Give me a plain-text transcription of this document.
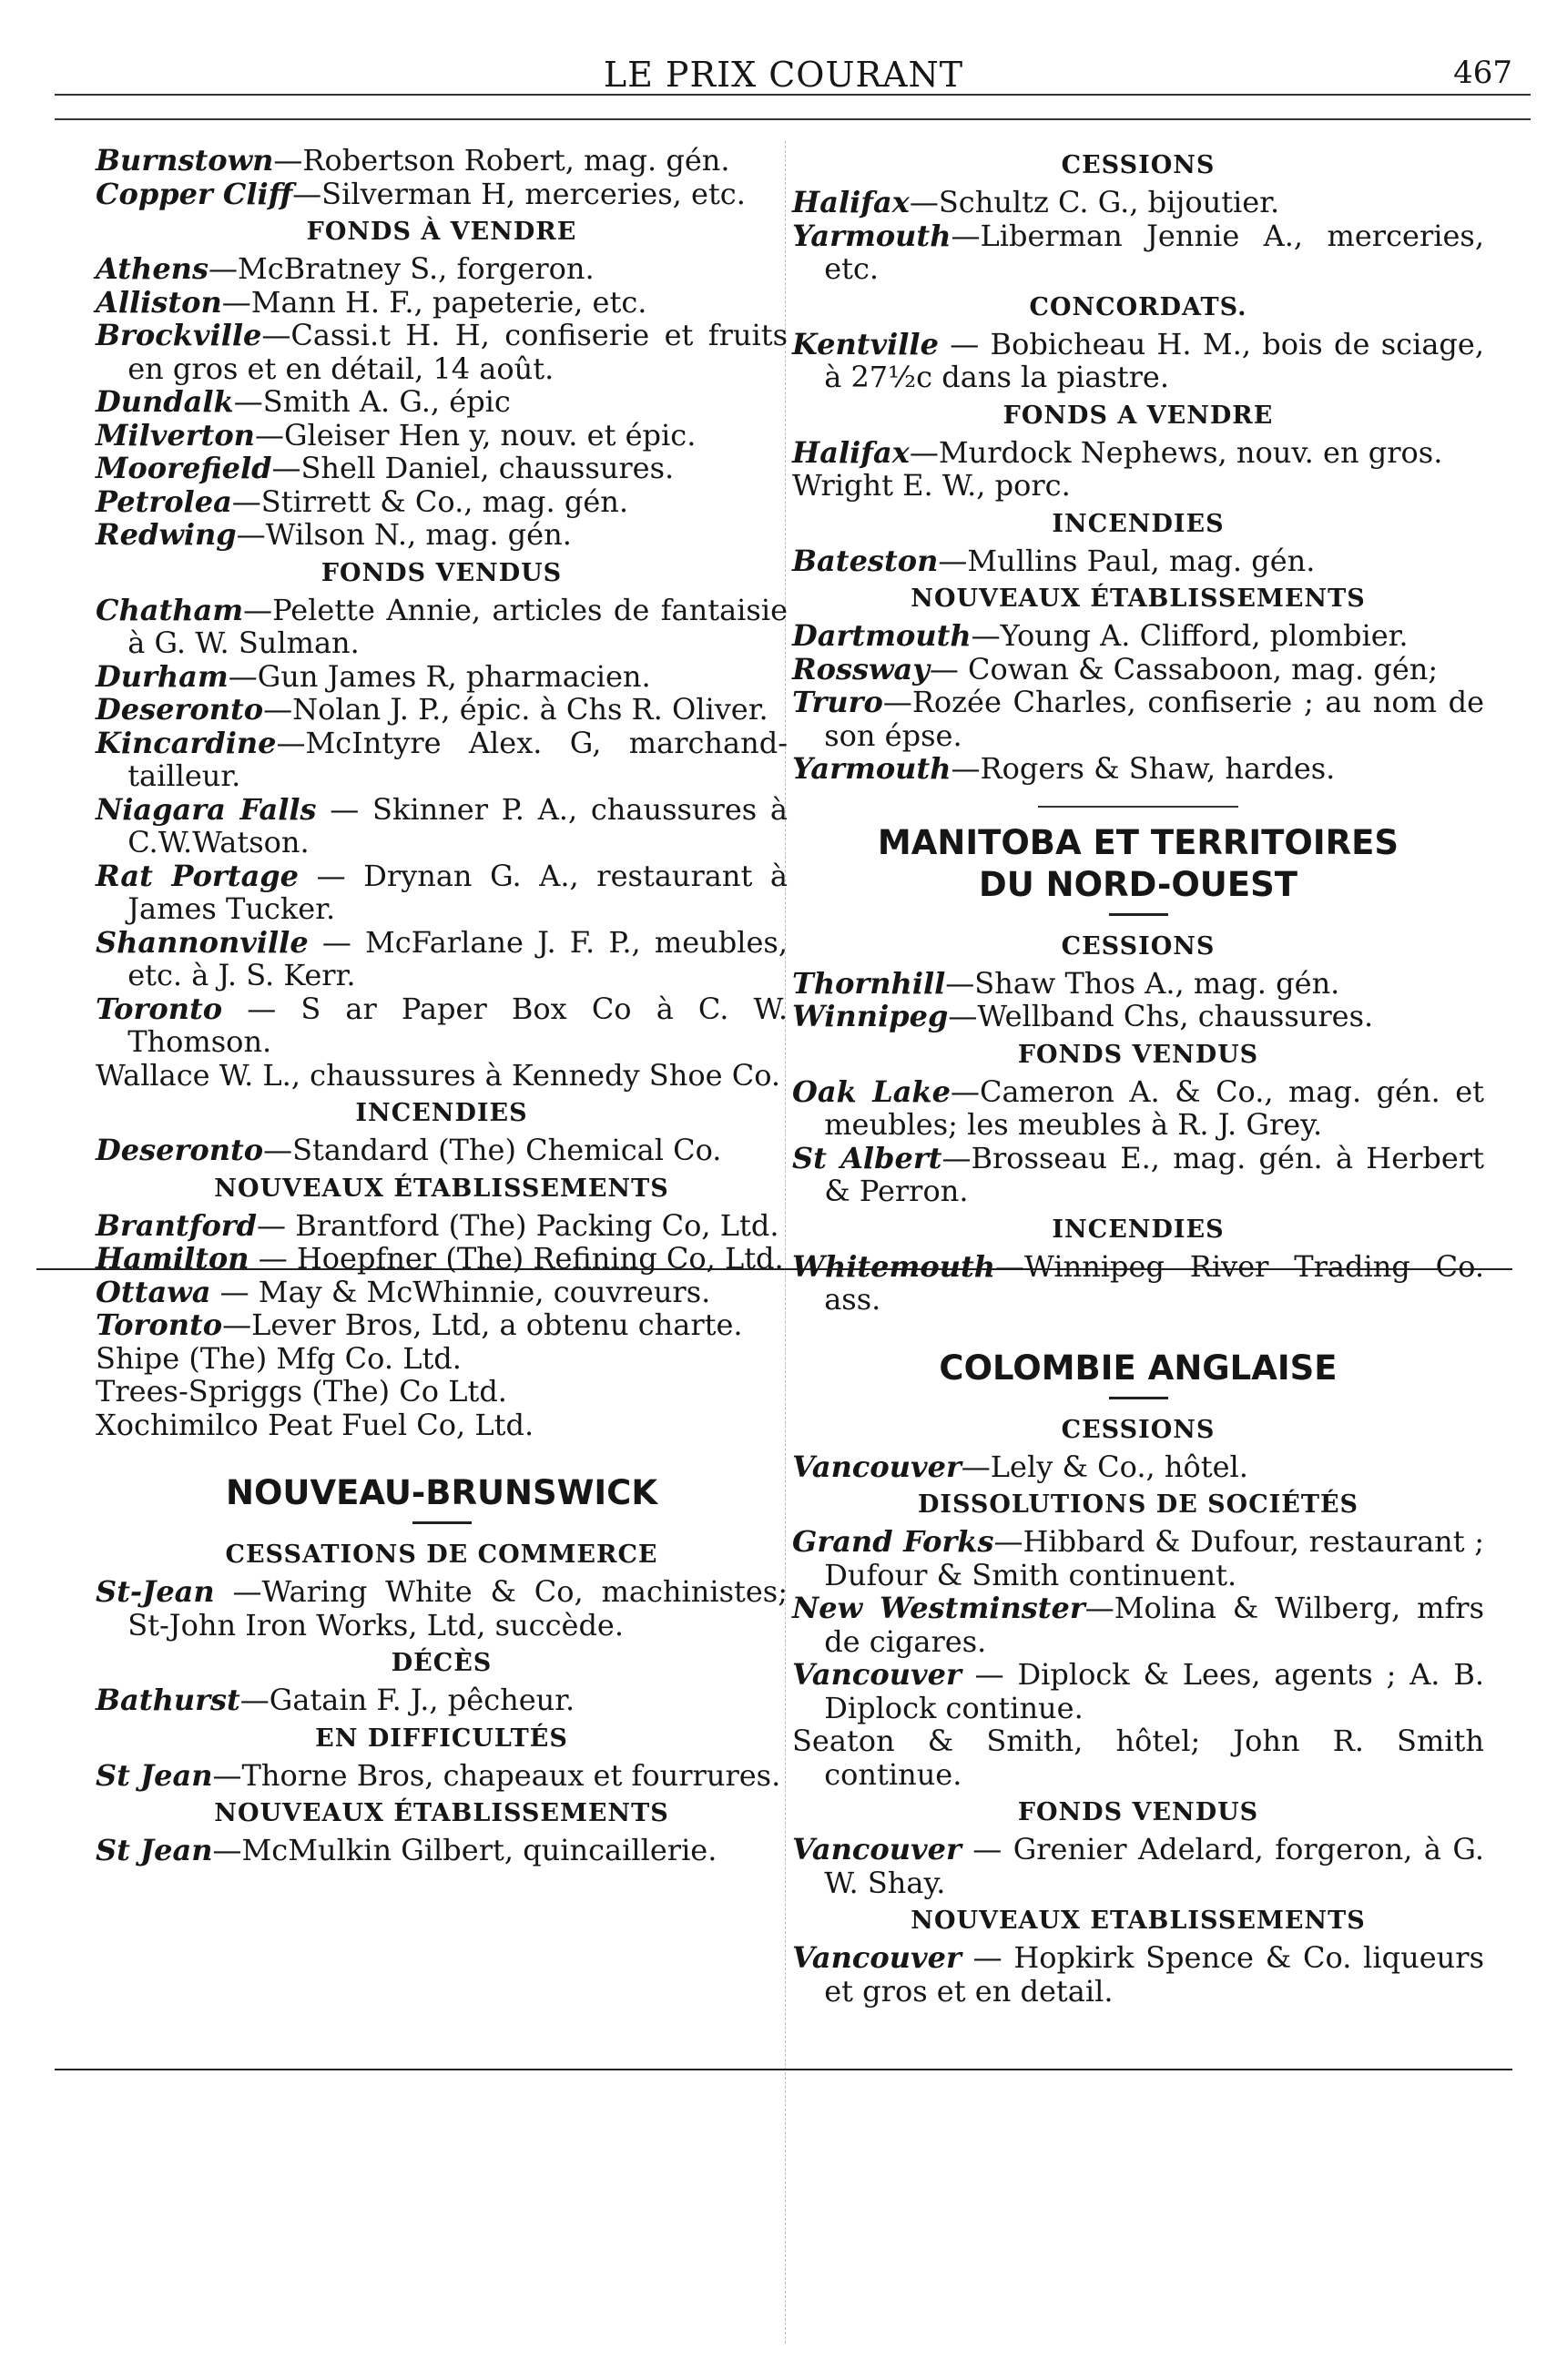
LE PRIX COURANT	467

Burnstown—Robertson Robert, mag. gén.

Copper Cliff—Silverman H, merceries, etc.

FONDS À VENDRE

Athens—McBratney S., forgeron.

Alliston—Mann H. F., papeterie, etc.

Brockville—Cassi.t H. H, confiserie et fruits en gros et en détail, 14 août.

Dundalk—Smith A. G., épic

Milverton—Gleiser Hen y, nouv. et épic.

Moorefield—Shell Daniel, chaussures.

Petrolea—Stirrett & Co., mag. gén.

Redwing—Wilson N., mag. gén.

FONDS VENDUS

Chatham—Pelette Annie, articles de fantaisie à G. W. Sulman.

Durham—Gun James R, pharmacien.

Deseronto—Nolan J. P., épic. à Chs R. Oliver.

Kincardine—McIntyre Alex. G, marchand-tailleur.

Niagara Falls — Skinner P. A., chaussures à C.W.Watson.

Rat Portage — Drynan G. A., restaurant à James Tucker.

Shannonville — McFarlane J. F. P., meubles, etc. à J. S. Kerr.

Toronto — S ar Paper Box Co à C. W. Thomson.

Wallace W. L., chaussures à Kennedy Shoe Co.

INCENDIES

Deseronto—Standard (The) Chemical Co.

NOUVEAUX ÉTABLISSEMENTS

Brantford— Brantford (The) Packing Co, Ltd.

Hamilton — Hoepfner (The) Refining Co, Ltd.

Ottawa — May & McWhinnie, couvreurs.

Toronto—Lever Bros, Ltd, a obtenu charte.

Shipe (The) Mfg Co. Ltd.

Trees-Spriggs (The) Co Ltd.

Xochimilco Peat Fuel Co, Ltd.

NOUVEAU-BRUNSWICK
CESSATIONS DE COMMERCE

St-Jean —Waring White & Co, machinistes; St-John Iron Works, Ltd, succède.

DÉCÈS

Bathurst—Gatain F. J., pêcheur.

EN DIFFICULTÉS

St Jean—Thorne Bros, chapeaux et fourrures.

NOUVEAUX ÉTABLISSEMENTS

St Jean—McMulkin Gilbert, quincaillerie.

CESSIONS

Halifax—Schultz C. G., bijoutier.

Yarmouth—Liberman Jennie A., merceries, etc.

CONCORDATS.

Kentville — Bobicheau H. M., bois de sciage, à 27½c dans la piastre.

FONDS A VENDRE

Halifax—Murdock Nephews, nouv. en gros.

Wright E. W., porc.

INCENDIES

Bateston—Mullins Paul, mag. gén.

NOUVEAUX ÉTABLISSEMENTS

Dartmouth—Young A. Clifford, plombier.

Rossway— Cowan & Cassaboon, mag. gén;

Truro—Rozée Charles, confiserie ; au nom de son épse.

Yarmouth—Rogers & Shaw, hardes.

MANITOBA ET TERRITOIRES
DU NORD-OUEST
CESSIONS

Thornhill—Shaw Thos A., mag. gén.

Winnipeg—Wellband Chs, chaussures.

FONDS VENDUS

Oak Lake—Cameron A. & Co., mag. gén. et meubles; les meubles à R. J. Grey.

St Albert—Brosseau E., mag. gén. à Herbert & Perron.

INCENDIES

Whitemouth—Winnipeg River Trading Co. ass.

COLOMBIE ANGLAISE
CESSIONS

Vancouver—Lely & Co., hôtel.

DISSOLUTIONS DE SOCIÉTÉS

Grand Forks—Hibbard & Dufour, restaurant ; Dufour & Smith continuent.

New Westminster—Molina & Wilberg, mfrs de cigares.

Vancouver — Diplock & Lees, agents ; A. B. Diplock continue.

Seaton & Smith, hôtel; John R. Smith continue.

FONDS VENDUS

Vancouver — Grenier Adelard, forgeron, à G. W. Shay.

NOUVEAUX ETABLISSEMENTS

Vancouver — Hopkirk Spence & Co. liqueurs et gros et en detail.
